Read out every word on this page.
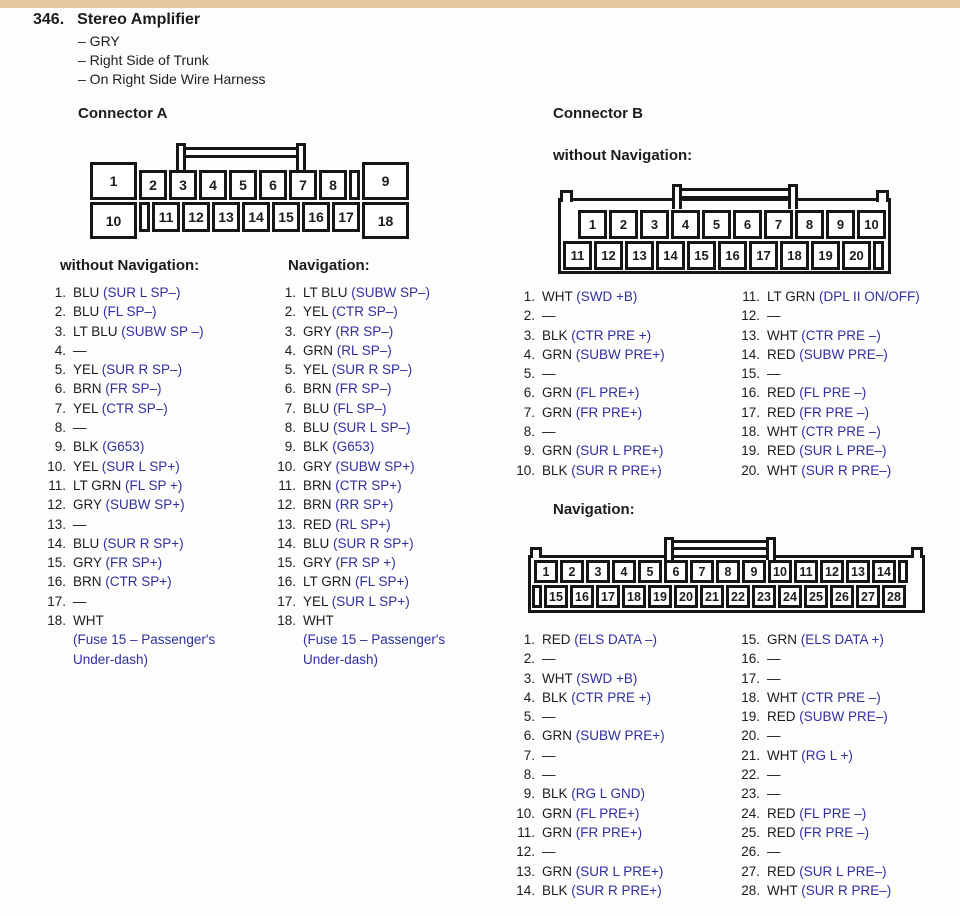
346. Stereo Amplifier
– GRY
– Right Side of Trunk
– On Right Side Wire Harness
Connector A
1	2	3	4	5	6	7	8	9
10	11	12	13	14	15	16	17	18
without Navigation:	Navigation:
1. BLU (SUR L SP–)
2. BLU (FL SP–)
3. LT BLU (SUBW SP –)
4. —
5. YEL (SUR R SP–)
6. BRN (FR SP–)
7. YEL (CTR SP–)
8. —
9. BLK (G653)
10. YEL (SUR L SP+)
11. LT GRN (FL SP +)
12. GRY (SUBW SP+)
13. —
14. BLU (SUR R SP+)
15. GRY (FR SP+)
16. BRN (CTR SP+)
17. —
18. WHT
(Fuse 15 – Passenger's Under-dash)
1. LT BLU (SUBW SP–)
2. YEL (CTR SP–)
3. GRY (RR SP–)
4. GRN (RL SP–)
5. YEL (SUR R SP–)
6. BRN (FR SP–)
7. BLU (FL SP–)
8. BLU (SUR L SP–)
9. BLK (G653)
10. GRY (SUBW SP+)
11. BRN (CTR SP+)
12. BRN (RR SP+)
13. RED (RL SP+)
14. BLU (SUR R SP+)
15. GRY (FR SP +)
16. LT GRN (FL SP+)
17. YEL (SUR L SP+)
18. WHT
(Fuse 15 – Passenger's Under-dash)
Connector B
without Navigation:
1	2	3	4	5	6	7	8	9	10
11	12	13	14	15	16	17	18	19	20
1. WHT (SWD +B)
2. —
3. BLK (CTR PRE +)
4. GRN (SUBW PRE+)
5. —
6. GRN (FL PRE+)
7. GRN (FR PRE+)
8. —
9. GRN (SUR L PRE+)
10. BLK (SUR R PRE+)
11. LT GRN (DPL II ON/OFF)
12. —
13. WHT (CTR PRE –)
14. RED (SUBW PRE–)
15. —
16. RED (FL PRE –)
17. RED (FR PRE –)
18. WHT (CTR PRE –)
19. RED (SUR L PRE–)
20. WHT (SUR R PRE–)
Navigation:
1	2	3	4	5	6	7	8	9	10 11 12 13 14
15 16 17 18 19 20 21 22 23 24 25 26 27 28
1. RED (ELS DATA –)
2. —
3. WHT (SWD +B)
4. BLK (CTR PRE +)
5. —
6. GRN (SUBW PRE+)
7. —
8. —
9. BLK (RG L GND)
10. GRN (FL PRE+)
11. GRN (FR PRE+)
12. —
13. GRN (SUR L PRE+)
14. BLK (SUR R PRE+)
15. GRN (ELS DATA +)
16. —
17. —
18. WHT (CTR PRE –)
19. RED (SUBW PRE–)
20. —
21. WHT (RG L +)
22. —
23. —
24. RED (FL PRE –)
25. RED (FR PRE –)
26. —
27. RED (SUR L PRE–)
28. WHT (SUR R PRE–)
